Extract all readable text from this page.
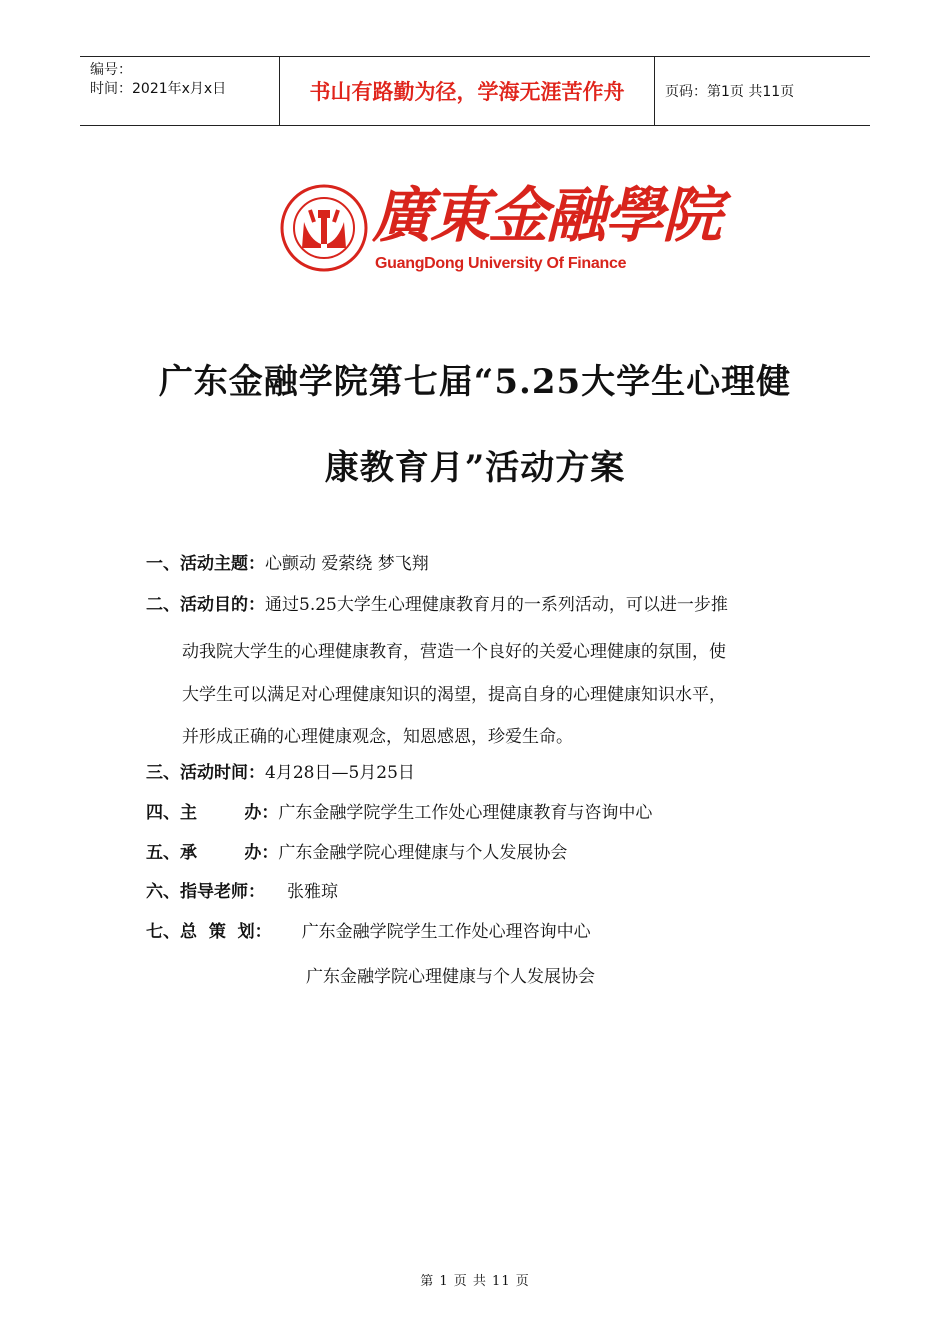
编号：
时间：2021年x月x日	书山有路勤为径，学海无涯苦作舟	页码：第1页 共11页
廣東金融學院
GuangDong University Of Finance
广东金融学院第七届“5.25大学生心理健
康教育月”活动方案
一、活动主题：心颤动 爱萦绕 梦飞翔
二、活动目的：通过5.25大学生心理健康教育月的一系列活动，可以进一步推
动我院大学生的心理健康教育，营造一个良好的关爱心理健康的氛围，使
大学生可以满足对心理健康知识的渴望，提高自身的心理健康知识水平，
并形成正确的心理健康观念，知恩感恩，珍爱生命。
三、活动时间：4月28日—5月25日
四、主        办：广东金融学院学生工作处心理健康教育与咨询中心
五、承        办：广东金融学院心理健康与个人发展协会
六、指导老师： 张雅琼
七、总  策  划： 广东金融学院学生工作处心理咨询中心
广东金融学院心理健康与个人发展协会
第 1 页 共 11 页
